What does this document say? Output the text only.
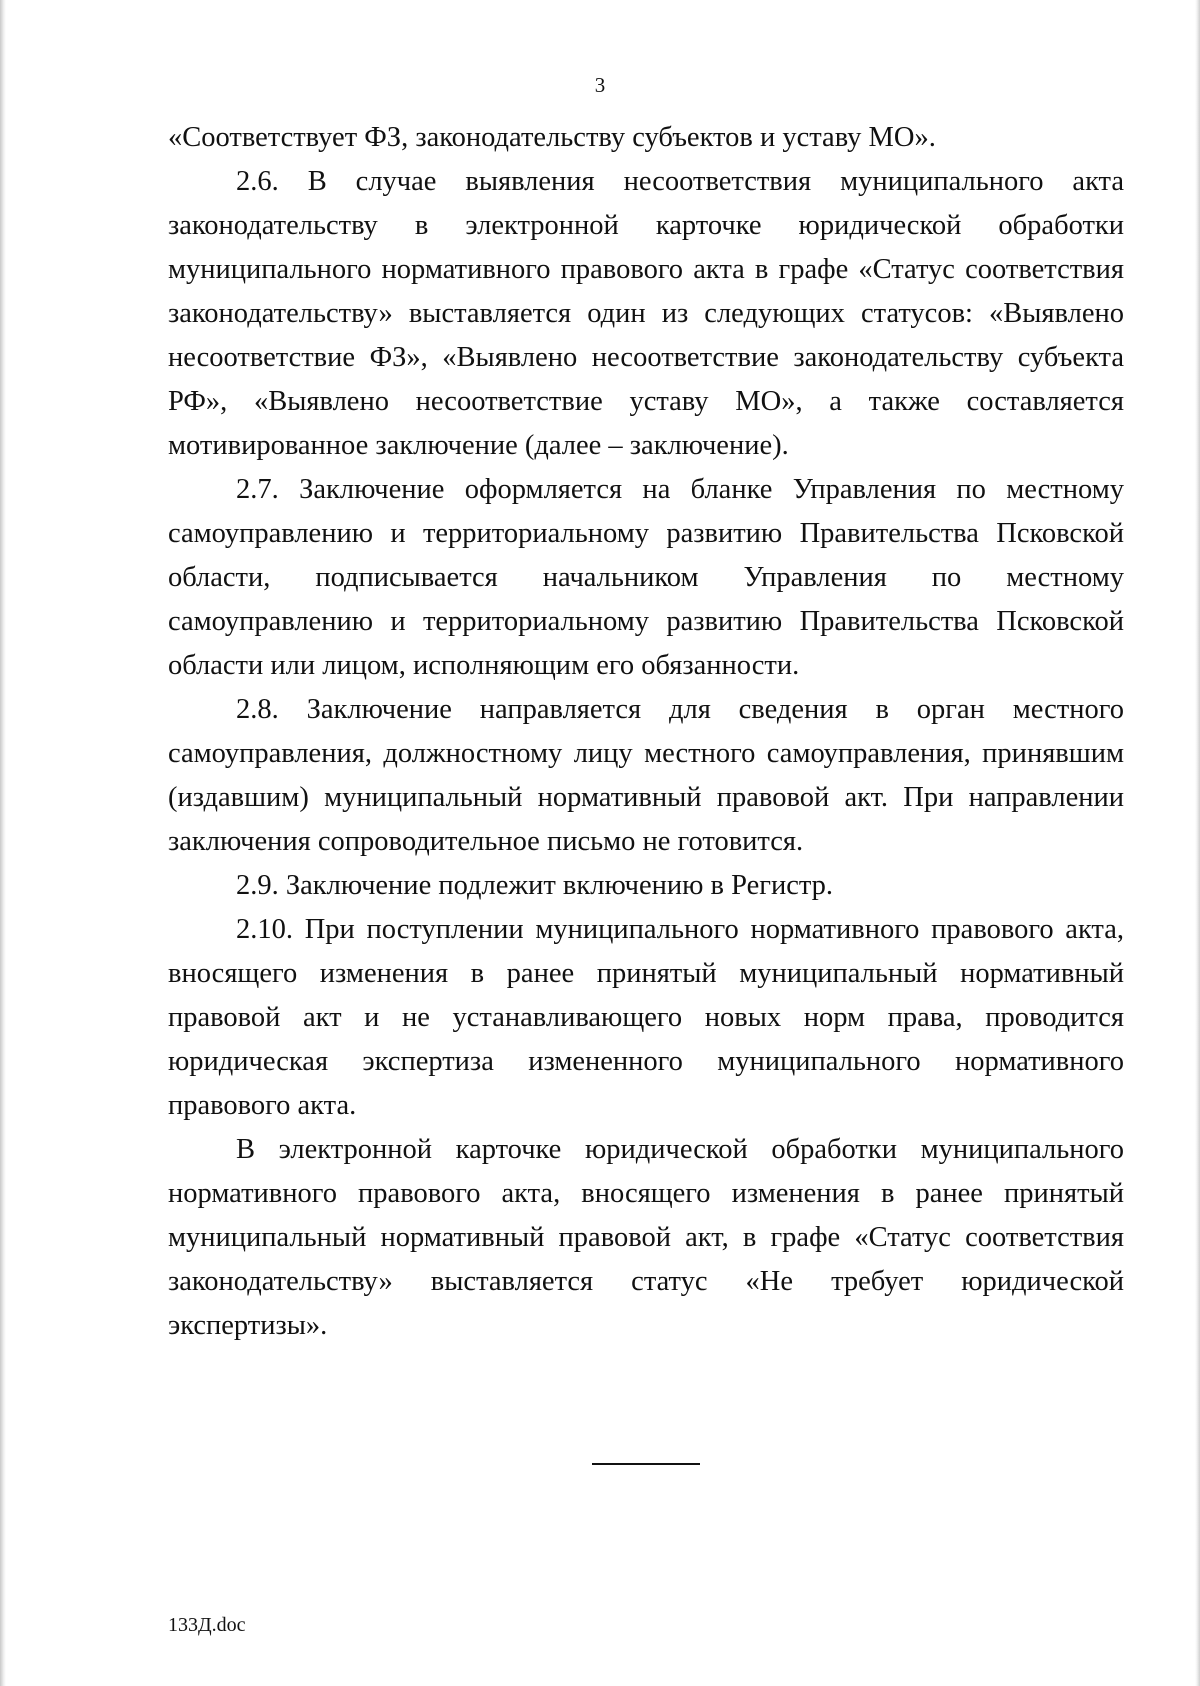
3

«Соответствует ФЗ, законодательству субъектов и уставу МО».

2.6. В случае выявления несоответствия муниципального акта законодательству в электронной карточке юридической обработки муниципального нормативного правового акта в графе «Статус соответствия законодательству» выставляется один из следующих статусов: «Выявлено несоответствие ФЗ», «Выявлено несоответствие законодательству субъекта РФ», «Выявлено несоответствие уставу МО», а также составляется мотивированное заключение (далее – заключение).

2.7. Заключение оформляется на бланке Управления по местному самоуправлению и территориальному развитию Правительства Псковской области, подписывается начальником Управления по местному самоуправлению и территориальному развитию Правительства Псковской области или лицом, исполняющим его обязанности.

2.8. Заключение направляется для сведения в орган местного самоуправления, должностному лицу местного самоуправления, принявшим (издавшим) муниципальный нормативный правовой акт. При направлении заключения сопроводительное письмо не готовится.

2.9. Заключение подлежит включению в Регистр.

2.10. При поступлении муниципального нормативного правового акта, вносящего изменения в ранее принятый муниципальный нормативный правовой акт и не устанавливающего новых норм права, проводится юридическая экспертиза измененного муниципального нормативного правового акта.

В электронной карточке юридической обработки муниципального нормативного правового акта, вносящего изменения в ранее принятый муниципальный нормативный правовой акт, в графе «Статус соответствия законодательству» выставляется статус «Не требует юридической экспертизы».

133Д.doc
